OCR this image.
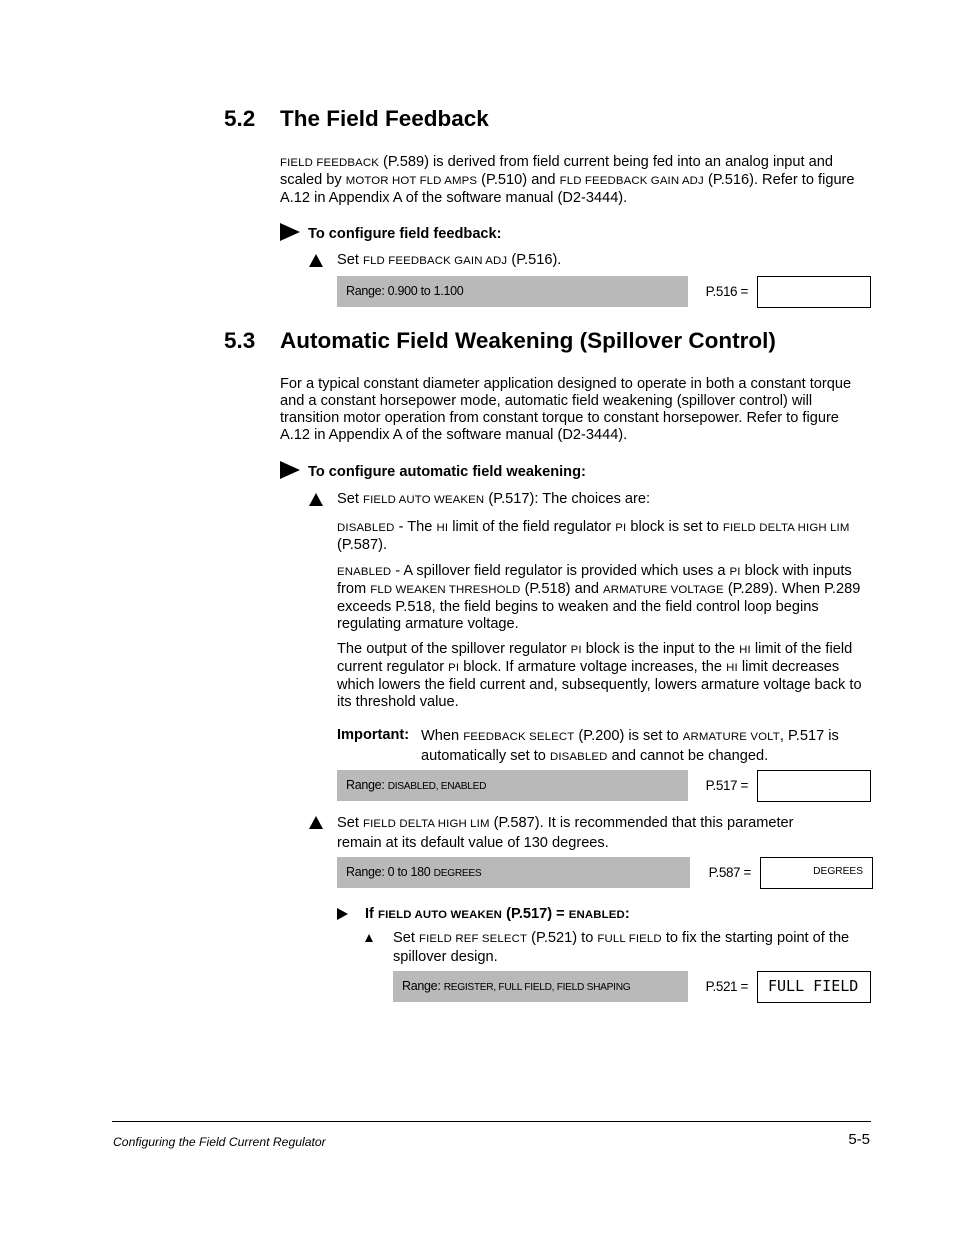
5.2 The Field Feedback

FIELD FEEDBACK (P.589) is derived from field current being fed into an analog input and scaled by MOTOR HOT FLD AMPS (P.510) and FLD FEEDBACK GAIN ADJ (P.516). Refer to figure A.12 in Appendix A of the software manual (D2-3444).

To configure field feedback:
Set FLD FEEDBACK GAIN ADJ (P.516).
Range: 0.900 to 1.100	P.516 =
5.3 Automatic Field Weakening (Spillover Control)

For a typical constant diameter application designed to operate in both a constant torque and a constant horsepower mode, automatic field weakening (spillover control) will transition motor operation from constant torque to constant horsepower. Refer to figure A.12 in Appendix A of the software manual (D2-3444).

To configure automatic field weakening:
Set FIELD AUTO WEAKEN (P.517): The choices are:

DISABLED - The HI limit of the field regulator PI block is set to FIELD DELTA HIGH LIM (P.587).

ENABLED - A spillover field regulator is provided which uses a PI block with inputs from FLD WEAKEN THRESHOLD (P.518) and ARMATURE VOLTAGE (P.289). When P.289 exceeds P.518, the field begins to weaken and the field control loop begins regulating armature voltage.

The output of the spillover regulator PI block is the input to the HI limit of the field current regulator PI block. If armature voltage increases, the HI limit decreases which lowers the field current and, subsequently, lowers armature voltage back to its threshold value.

Important: When FEEDBACK SELECT (P.200) is set to ARMATURE VOLT, P.517 is automatically set to DISABLED and cannot be changed.

Range: DISABLED, ENABLED	P.517 =

Set FIELD DELTA HIGH LIM (P.587). It is recommended that this parameter remain at its default value of 130 degrees.

Range: 0 to 180 DEGREES	P.587 =	DEGREES
If FIELD AUTO WEAKEN (P.517) = ENABLED:

Set FIELD REF SELECT (P.521) to FULL FIELD to fix the starting point of the spillover design.

Range: REGISTER, FULL FIELD, FIELD SHAPING	P.521 =	FULL FIELD
Configuring the Field Current Regulator	5-5
